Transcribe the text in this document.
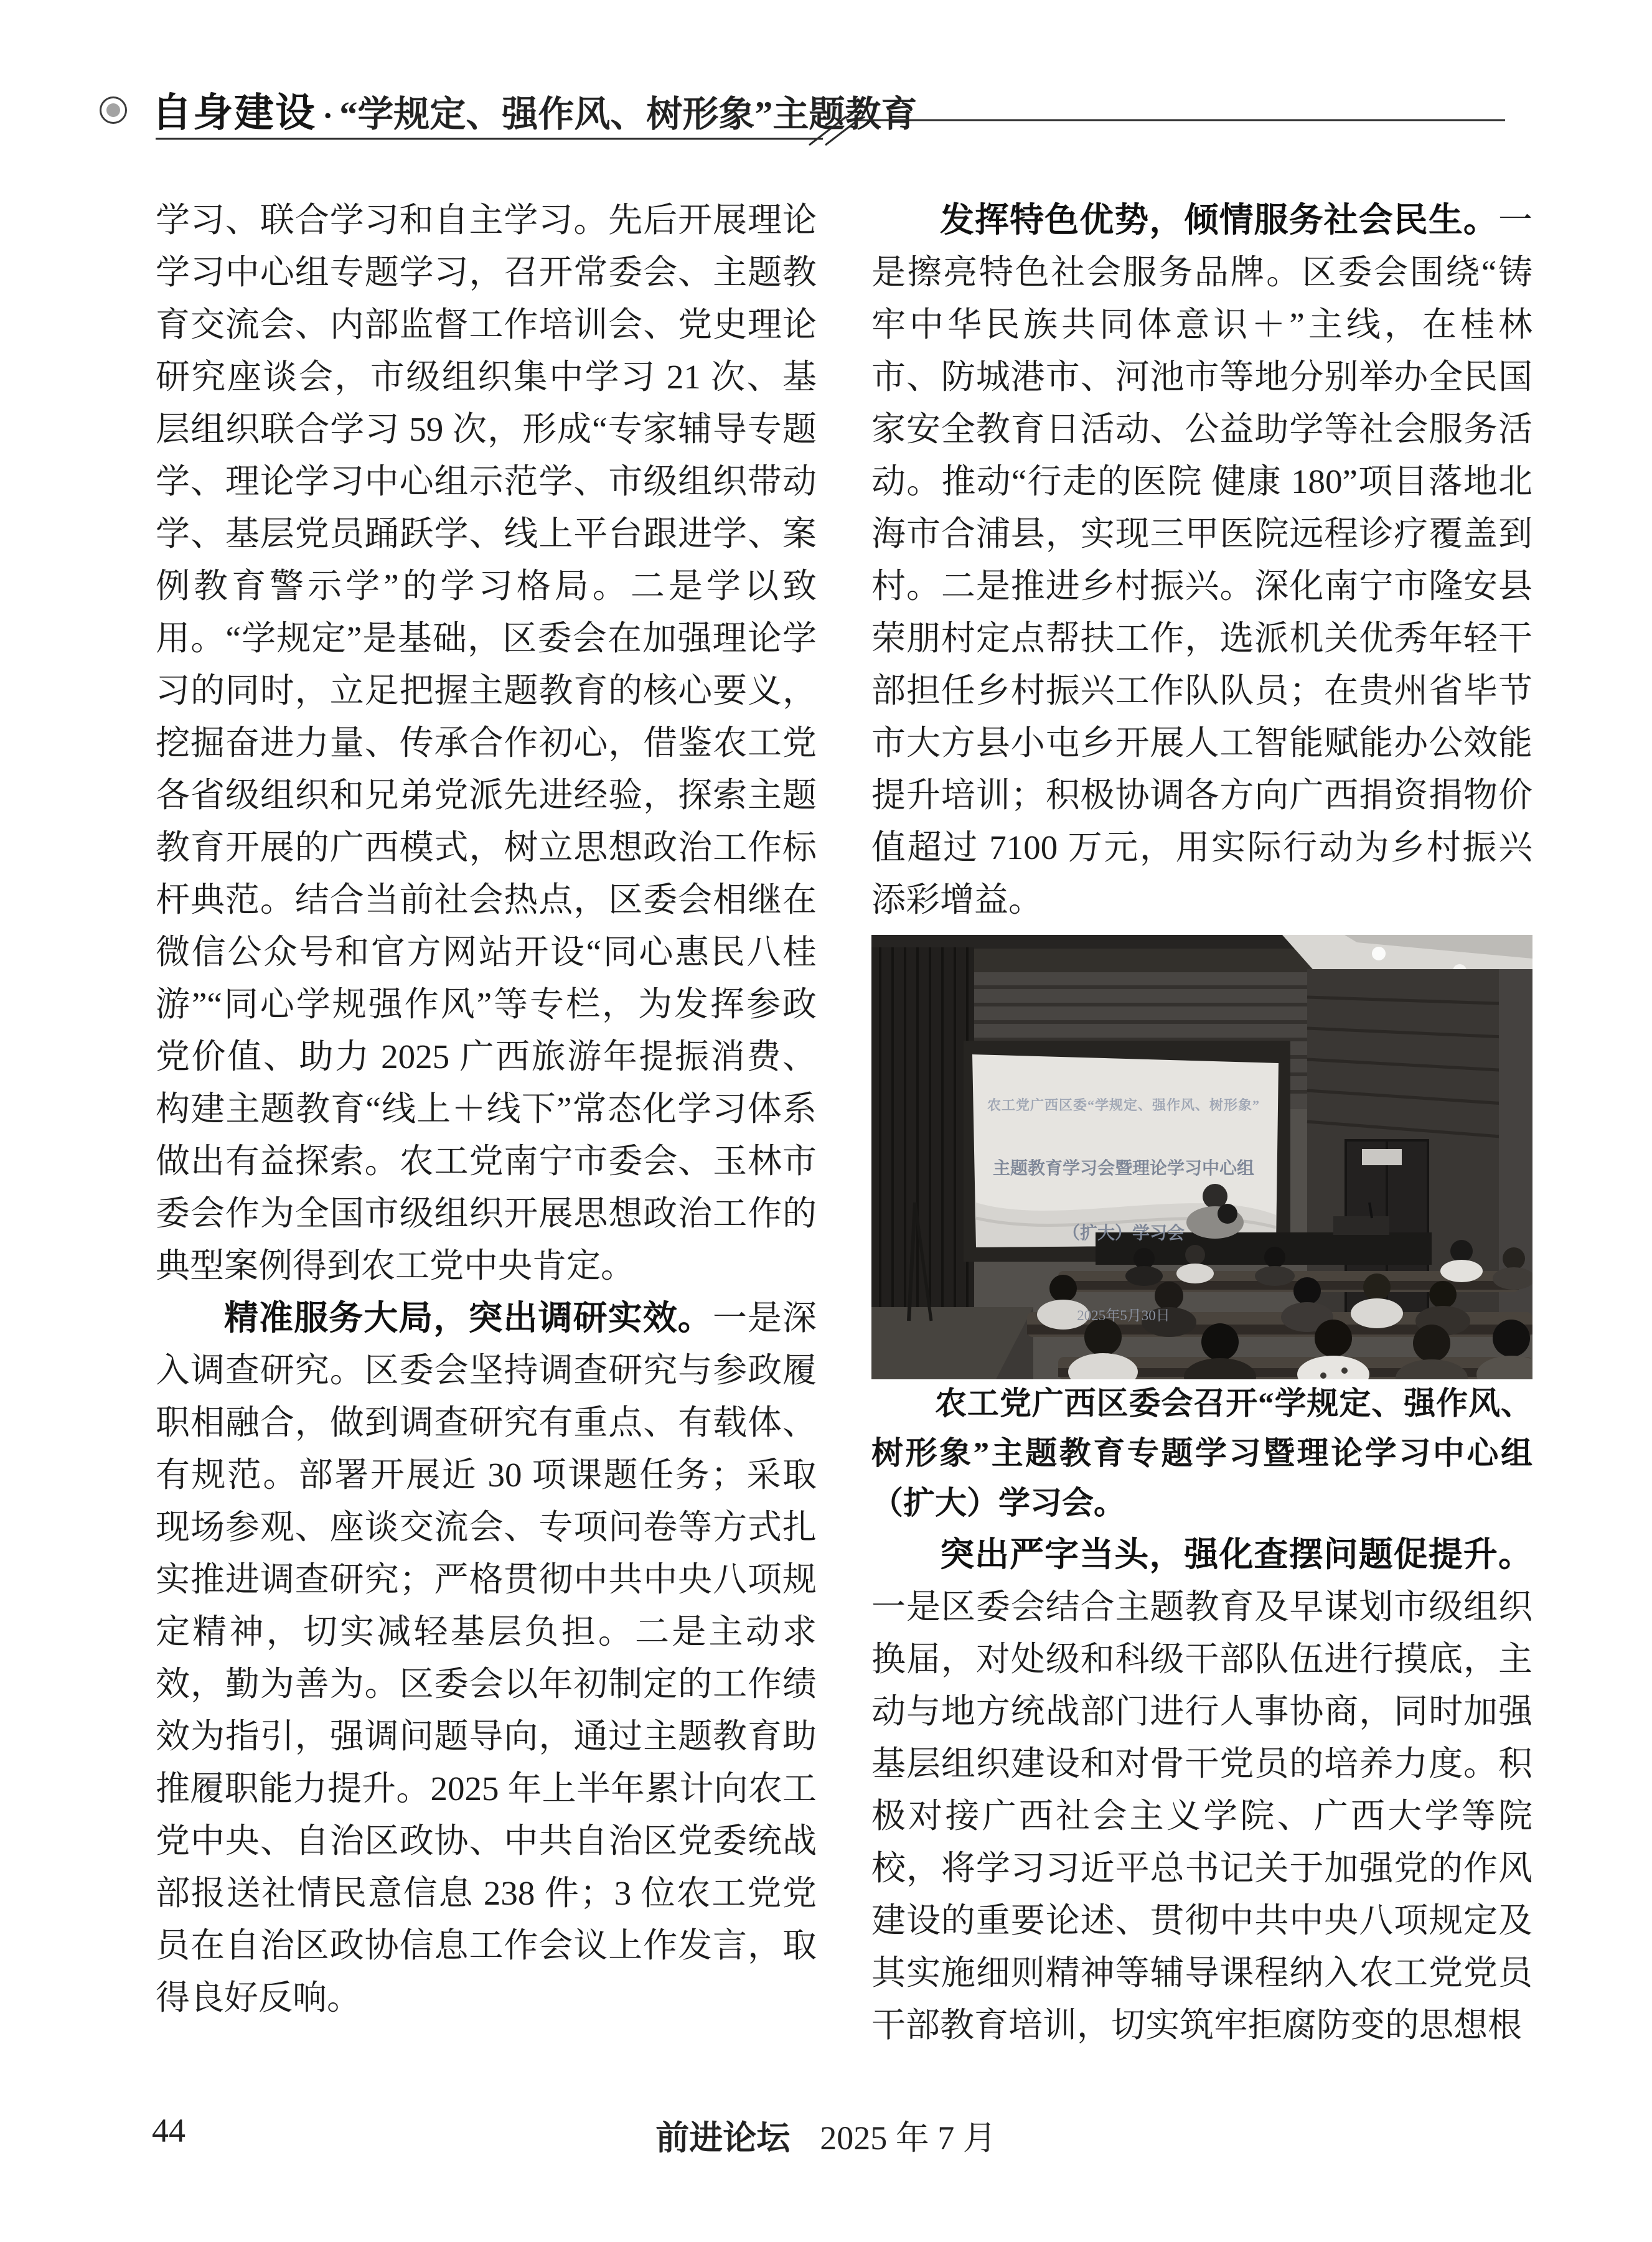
自身建设 · “学规定、强作风、树形象”主题教育

学习、联合学习和自主学习。先后开展理论学习中心组专题学习，召开常委会、主题教育交流会、内部监督工作培训会、党史理论研究座谈会，市级组织集中学习 21 次、基层组织联合学习 59 次，形成“专家辅导专题学、理论学习中心组示范学、市级组织带动学、基层党员踊跃学、线上平台跟进学、案例教育警示学”的学习格局。二是学以致用。“学规定”是基础，区委会在加强理论学习的同时，立足把握主题教育的核心要义，挖掘奋进力量、传承合作初心，借鉴农工党各省级组织和兄弟党派先进经验，探索主题教育开展的广西模式，树立思想政治工作标杆典范。结合当前社会热点，区委会相继在微信公众号和官方网站开设“同心惠民八桂游”“同心学规强作风”等专栏，为发挥参政党价值、助力 2025 广西旅游年提振消费、构建主题教育“线上＋线下”常态化学习体系做出有益探索。农工党南宁市委会、玉林市委会作为全国市级组织开展思想政治工作的典型案例得到农工党中央肯定。

精准服务大局，突出调研实效。一是深入调查研究。区委会坚持调查研究与参政履职相融合，做到调查研究有重点、有载体、有规范。部署开展近 30 项课题任务；采取现场参观、座谈交流会、专项问卷等方式扎实推进调查研究；严格贯彻中共中央八项规定精神，切实减轻基层负担。二是主动求效，勤为善为。区委会以年初制定的工作绩效为指引，强调问题导向，通过主题教育助推履职能力提升。2025 年上半年累计向农工党中央、自治区政协、中共自治区党委统战部报送社情民意信息 238 件；3 位农工党党员在自治区政协信息工作会议上作发言，取得良好反响。

发挥特色优势，倾情服务社会民生。一是擦亮特色社会服务品牌。区委会围绕“铸牢中华民族共同体意识＋”主线，在桂林市、防城港市、河池市等地分别举办全民国家安全教育日活动、公益助学等社会服务活动。推动“行走的医院 健康 180”项目落地北海市合浦县，实现三甲医院远程诊疗覆盖到村。二是推进乡村振兴。深化南宁市隆安县荣朋村定点帮扶工作，选派机关优秀年轻干部担任乡村振兴工作队队员；在贵州省毕节市大方县小屯乡开展人工智能赋能办公效能提升培训；积极协调各方向广西捐资捐物价值超过 7100 万元，用实际行动为乡村振兴添彩增益。

农工党广西区委“学规定、强作风、树形象”
主题教育学习会暨理论学习中心组
（扩大）学习会
2025年5月30日

农工党广西区委会召开“学规定、强作风、树形象”主题教育专题学习暨理论学习中心组（扩大）学习会。

突出严字当头，强化查摆问题促提升。一是区委会结合主题教育及早谋划市级组织换届，对处级和科级干部队伍进行摸底，主动与地方统战部门进行人事协商，同时加强基层组织建设和对骨干党员的培养力度。积极对接广西社会主义学院、广西大学等院校，将学习习近平总书记关于加强党的作风建设的重要论述、贯彻中共中央八项规定及其实施细则精神等辅导课程纳入农工党党员干部教育培训，切实筑牢拒腐防变的思想根

44	前进论坛 2025 年 7 月
